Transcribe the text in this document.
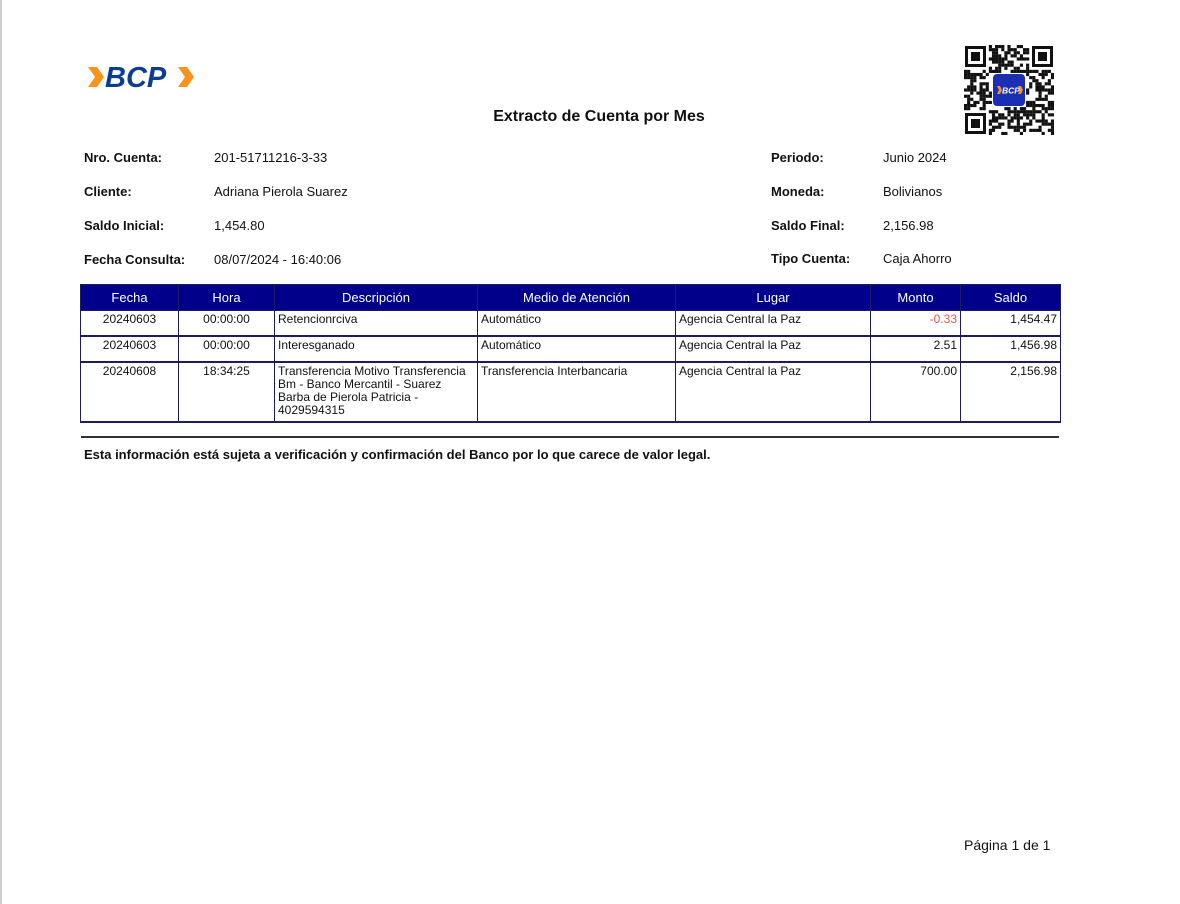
BCP	BCP
Extracto de Cuenta por Mes
Nro. Cuenta:	201-51711216-3-33
Cliente:	Adriana Pierola Suarez
Saldo Inicial:	1,454.80
Fecha Consulta: 08/07/2024 - 16:40:06
Periodo:	Junio 2024
Moneda:	Bolivianos
Saldo Final:	2,156.98
Tipo Cuenta:	Caja Ahorro
Fecha	Hora	Descripción	Medio de Atención	Lugar	Monto	Saldo
20240603	00:00:00	Retencionrciva	Automático	Agencia Central la Paz	-0.33	1,454.47
20240603	00:00:00	Interesganado	Automático	Agencia Central la Paz	2.51	1,456.98
20240608	18:34:25	Transferencia Motivo Transferencia
Bm - Banco Mercantil - Suarez
Barba de Pierola Patricia -
4029594315	Transferencia Interbancaria	Agencia Central la Paz	700.00	2,156.98
Esta información está sujeta a verificación y confirmación del Banco por lo que carece de valor legal.
Página 1 de 1
